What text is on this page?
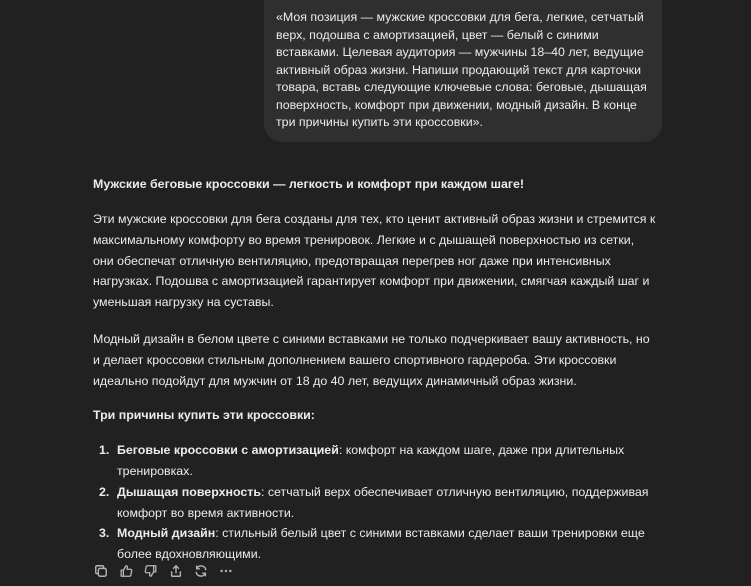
«Моя позиция — мужские кроссовки для бега, легкие, сетчатый верх, подошва с амортизацией, цвет — белый с синими вставками. Целевая аудитория — мужчины 18–40 лет, ведущие активный образ жизни. Напиши продающий текст для карточки товара, вставь следующие ключевые слова: беговые, дышащая поверхность, комфорт при движении, модный дизайн. В конце три причины купить эти кроссовки».
Мужские беговые кроссовки — легкость и комфорт при каждом шаге!

Эти мужские кроссовки для бега созданы для тех, кто ценит активный образ жизни и стремится к максимальному комфорту во время тренировок. Легкие и с дышащей поверхностью из сетки, они обеспечат отличную вентиляцию, предотвращая перегрев ног даже при интенсивных нагрузках. Подошва с амортизацией гарантирует комфорт при движении, смягчая каждый шаг и уменьшая нагрузку на суставы.

Модный дизайн в белом цвете с синими вставками не только подчеркивает вашу активность, но и делает кроссовки стильным дополнением вашего спортивного гардероба. Эти кроссовки идеально подойдут для мужчин от 18 до 40 лет, ведущих динамичный образ жизни.

Три причины купить эти кроссовки:
1. Беговые кроссовки с амортизацией: комфорт на каждом шаге, даже при длительных тренировках.
2. Дышащая поверхность: сетчатый верх обеспечивает отличную вентиляцию, поддерживая комфорт во время активности.
3. Модный дизайн: стильный белый цвет с синими вставками сделает ваши тренировки еще более вдохновляющими.
